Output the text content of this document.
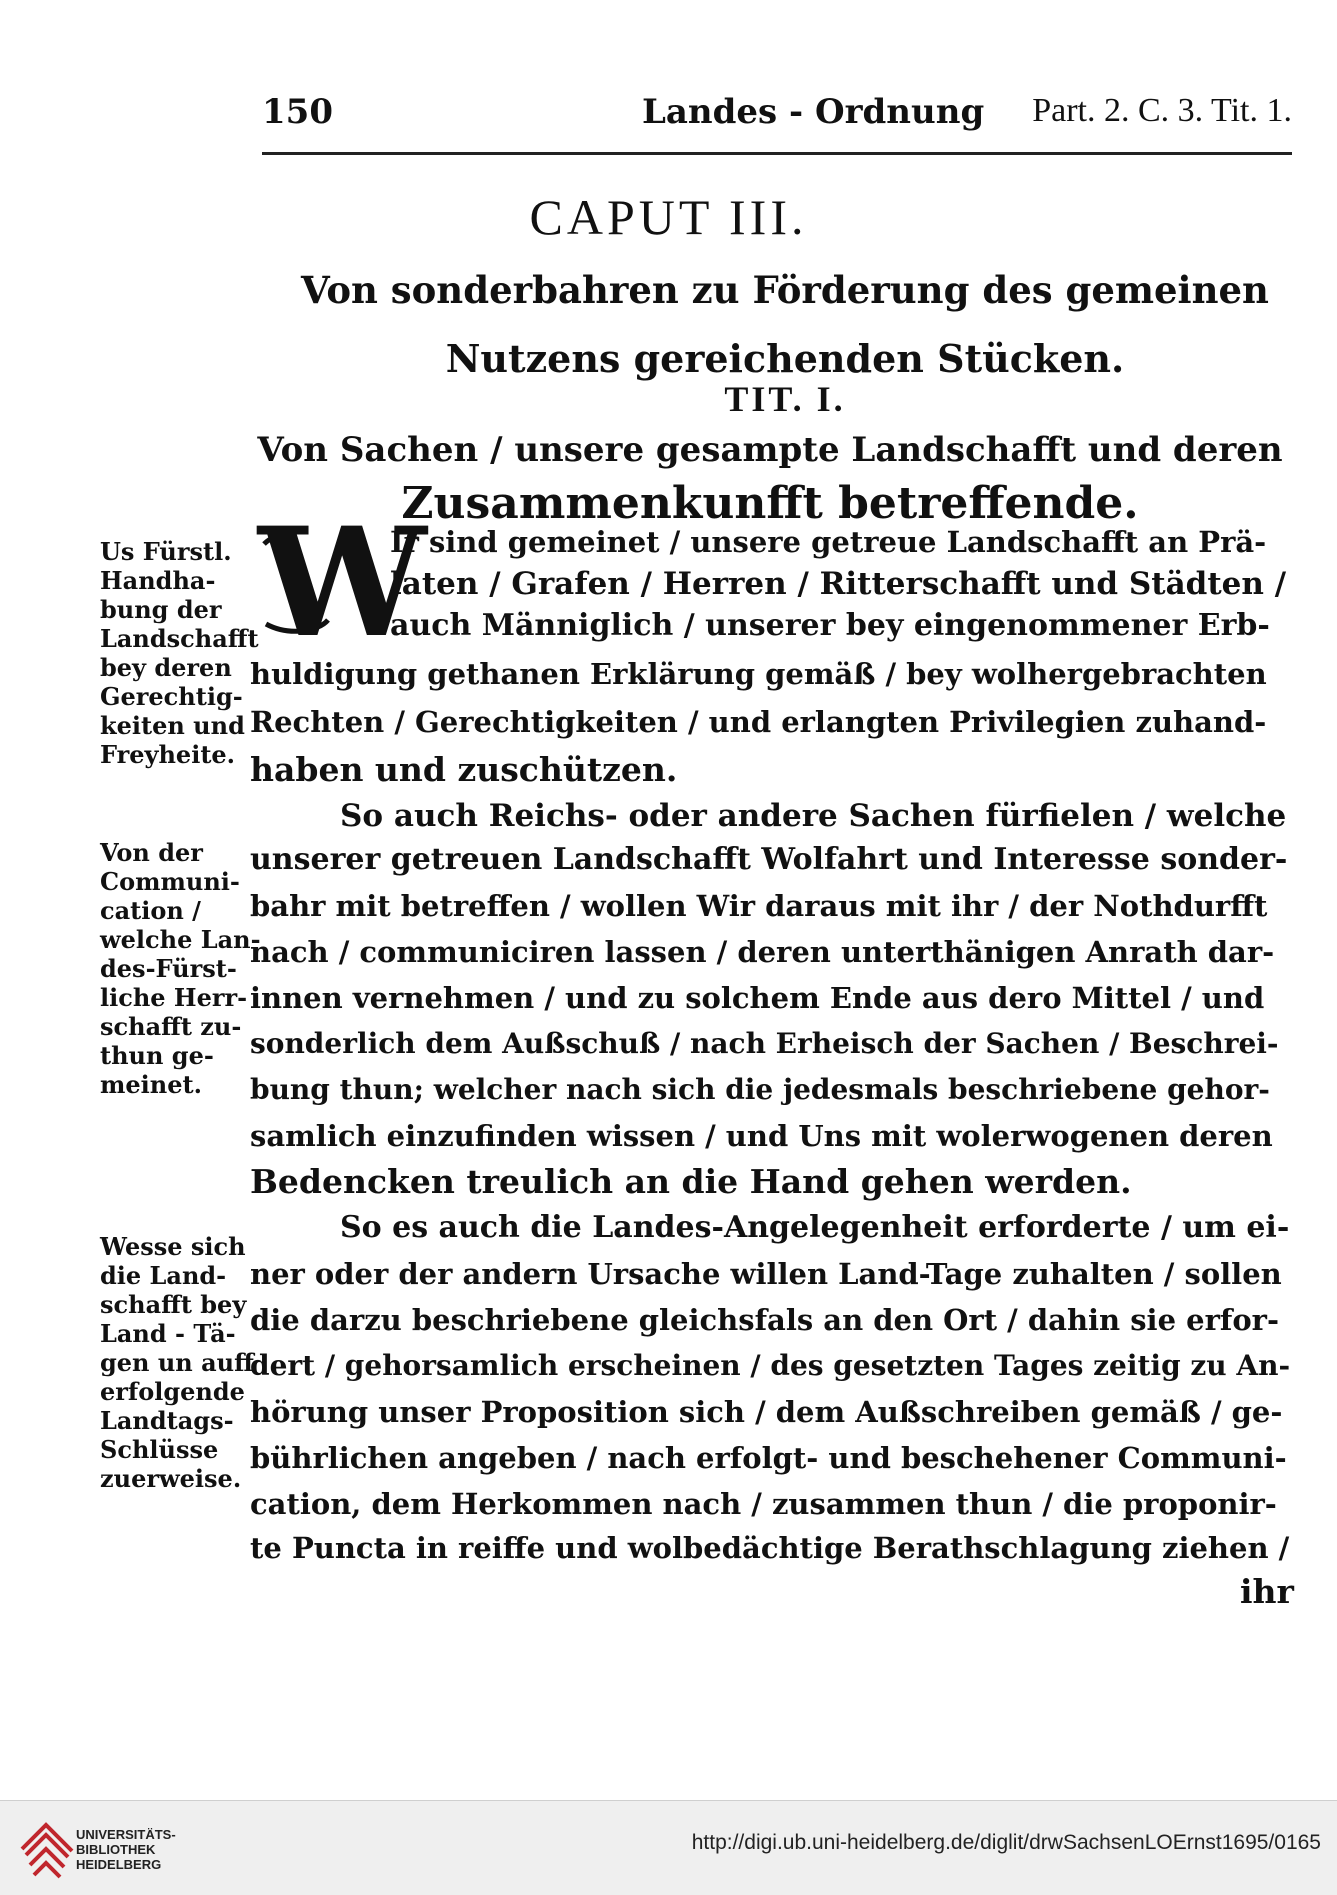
150	Landes - Ordnung Part. 2. C. 3. Tit. 1.
CAPUT III.
Von sonderbahren zu Förderung des gemeinen
Nutzens gereichenden Stücken.
TIT. I.
Von Sachen / unsere gesampte Landschafft und deren
Zusammenkunfft betreffende.
W
Ir sind gemeinet / unsere getreue Landschafft an Prä-
laten / Grafen / Herren / Ritterschafft und Städten /
auch Männiglich / unserer bey eingenommener Erb-
huldigung gethanen Erklärung gemäß / bey wolhergebrachten
Rechten / Gerechtigkeiten / und erlangten Privilegien zuhand-
haben und zuschützen.
So auch Reichs- oder andere Sachen fürfielen / welche
unserer getreuen Landschafft Wolfahrt und Interesse sonder-
bahr mit betreffen / wollen Wir daraus mit ihr / der Nothdurfft
nach / communiciren lassen / deren unterthänigen Anrath dar-
innen vernehmen / und zu solchem Ende aus dero Mittel / und
sonderlich dem Außschuß / nach Erheisch der Sachen / Beschrei-
bung thun; welcher nach sich die jedesmals beschriebene gehor-
samlich einzufinden wissen / und Uns mit wolerwogenen deren
Bedencken treulich an die Hand gehen werden.
So es auch die Landes-Angelegenheit erforderte / um ei-
ner oder der andern Ursache willen Land-Tage zuhalten / sollen
die darzu beschriebene gleichsfals an den Ort / dahin sie erfor-
dert / gehorsamlich erscheinen / des gesetzten Tages zeitig zu An-
hörung unser Proposition sich / dem Außschreiben gemäß / ge-
bührlichen angeben / nach erfolgt- und beschehener Communi-
cation, dem Herkommen nach / zusammen thun / die proponir-
te Puncta in reiffe und wolbedächtige Berathschlagung ziehen /
ihr
Us Fürstl.
Handha-
bung der
Landschafft
bey deren
Gerechtig-
keiten und
Freyheite.
Von der
Communi-
cation /
welche Lan-
des-Fürst-
liche Herr-
schafft zu-
thun ge-
meinet.
Wesse sich
die Land-
schafft bey
Land - Tä-
gen un auff
erfolgende
Landtags-
Schlüsse
zuerweise.
UNIVERSITÄTS-
BIBLIOTHEK
HEIDELBERG
http://digi.ub.uni-heidelberg.de/diglit/drwSachsenLOErnst1695/0165
